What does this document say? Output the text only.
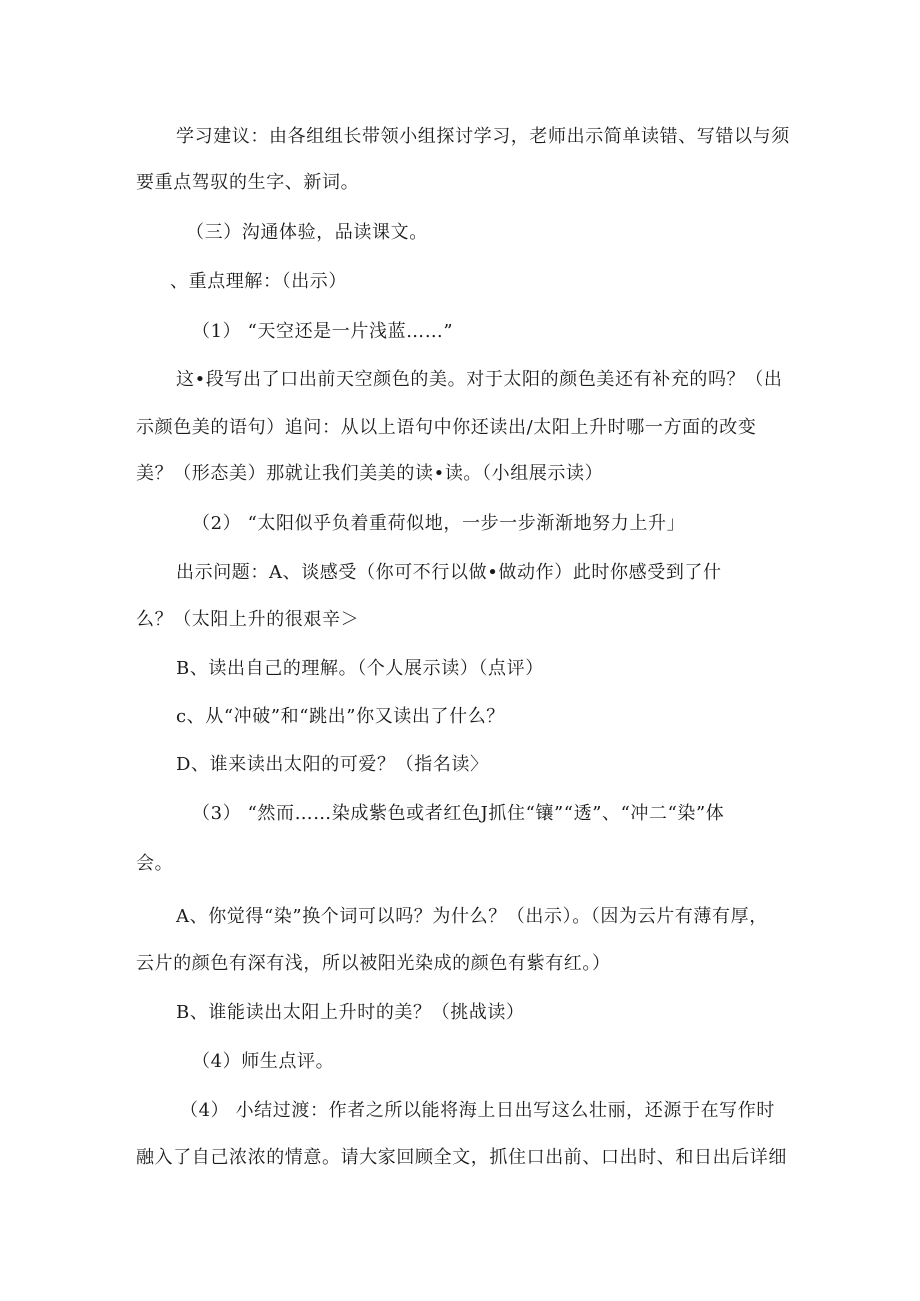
学习建议：由各组组长带领小组探讨学习，老师出示简单读错、写错以与须
要重点驾驭的生字、新词。
（三）沟通体验，品读课文。
、重点理解：（出示）
（1） “天空还是一片浅蓝……”
这•段写出了口出前天空颜色的美。对于太阳的颜色美还有补充的吗？（出
示颜色美的语句）追问：从以上语句中你还读出/太阳上升时哪一方面的改变
美？（形态美）那就让我们美美的读•读。（小组展示读）
（2） “太阳似乎负着重荷似地，一步一步渐渐地努力上升」
出示问题：A、谈感受（你可不行以做•做动作）此时你感受到了什
么？（太阳上升的很艰辛＞
B、读出自己的理解。（个人展示读）（点评）
c、从“冲破”和“跳出”你又读出了什么？
D、谁来读出太阳的可爱？（指名读〉
（3） “然而……染成紫色或者红色J抓住“镶”“透”、“冲二“染”体
会。
A、你觉得“染”换个词可以吗？为什么？（出示）。（因为云片有薄有厚，
云片的颜色有深有浅，所以被阳光染成的颜色有紫有红。）
B、谁能读出太阳上升时的美？（挑战读）
（4）师生点评。
（4） 小结过渡：作者之所以能将海上日出写这么壮丽，还源于在写作时
融入了自己浓浓的情意。请大家回顾全文，抓住口出前、口出时、和日出后详细
